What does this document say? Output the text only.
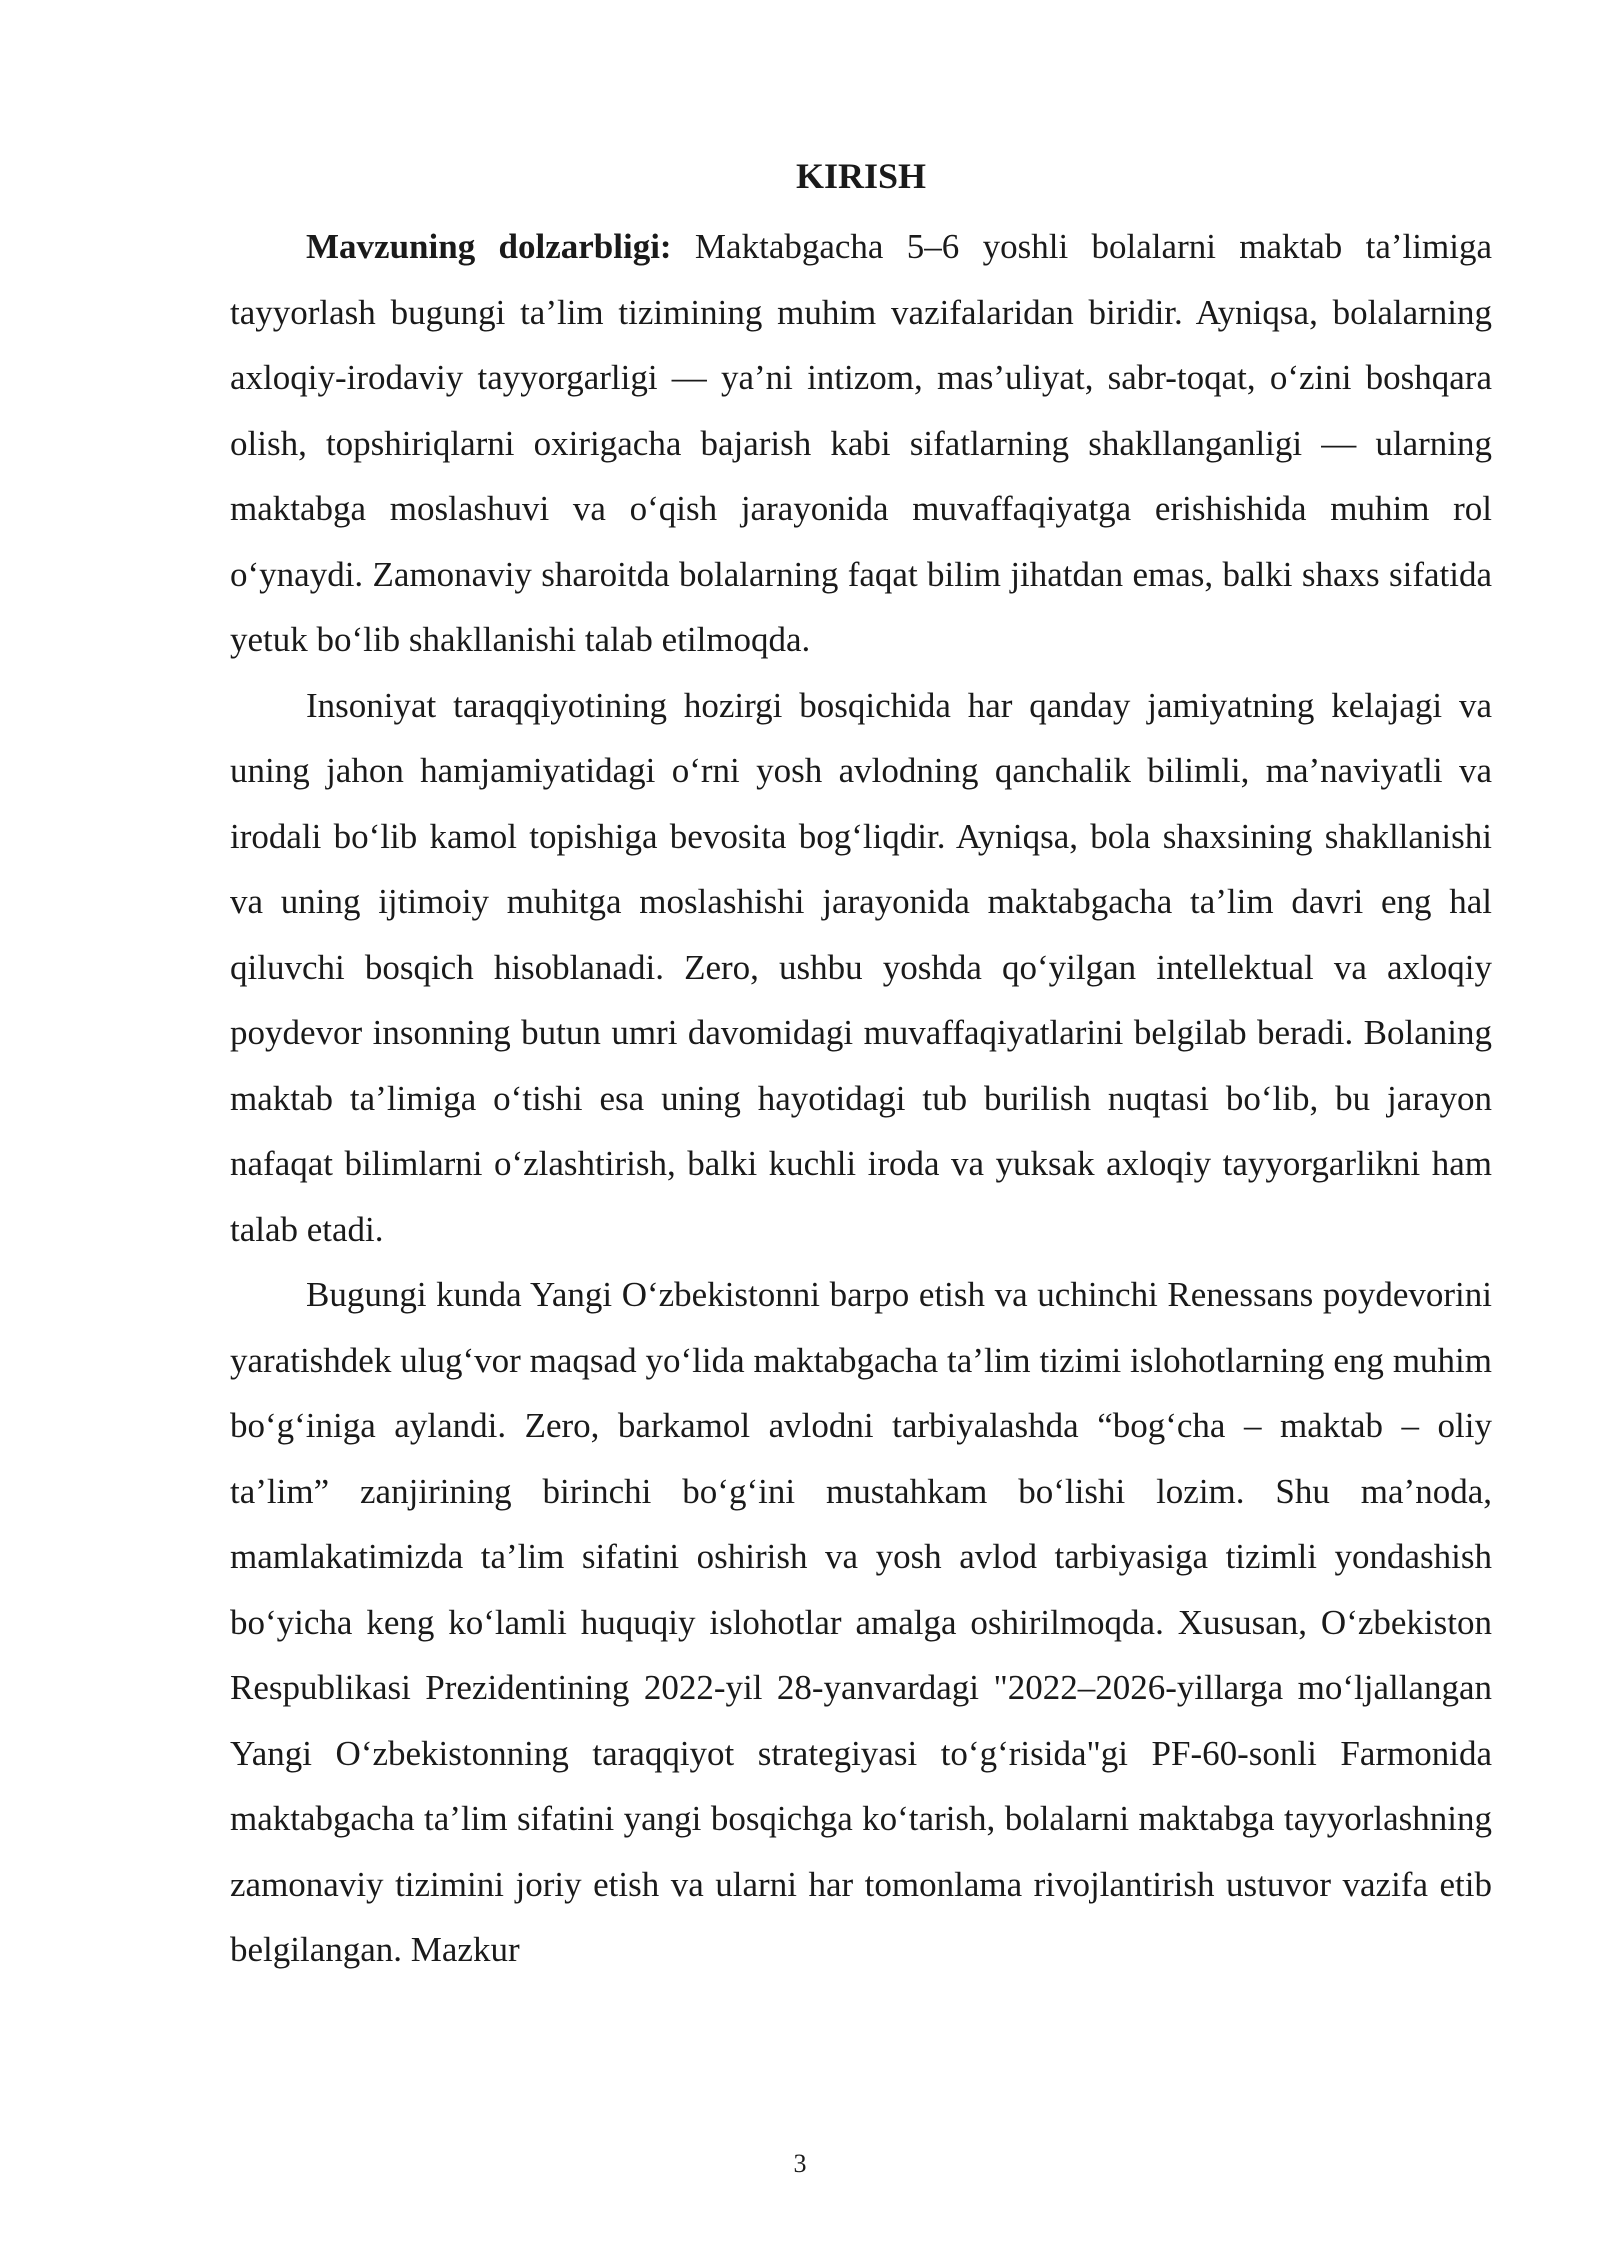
KIRISH

Mavzuning dolzarbligi: Maktabgacha 5–6 yoshli bolalarni maktab ta’limiga tayyorlash bugungi ta’lim tizimining muhim vazifalaridan biridir. Ayniqsa, bolalarning axloqiy-irodaviy tayyorgarligi — ya’ni intizom, mas’uliyat, sabr-toqat, o‘zini boshqara olish, topshiriqlarni oxirigacha bajarish kabi sifatlarning shakllanganligi — ularning maktabga moslashuvi va o‘qish jarayonida muvaffaqiyatga erishishida muhim rol o‘ynaydi. Zamonaviy sharoitda bolalarning faqat bilim jihatdan emas, balki shaxs sifatida yetuk bo‘lib shakllanishi talab etilmoqda.

Insoniyat taraqqiyotining hozirgi bosqichida har qanday jamiyatning kelajagi va uning jahon hamjamiyatidagi o‘rni yosh avlodning qanchalik bilimli, ma’naviyatli va irodali bo‘lib kamol topishiga bevosita bog‘liqdir. Ayniqsa, bola shaxsining shakllanishi va uning ijtimoiy muhitga moslashishi jarayonida maktabgacha ta’lim davri eng hal qiluvchi bosqich hisoblanadi. Zero, ushbu yoshda qo‘yilgan intellektual va axloqiy poydevor insonning butun umri davomidagi muvaffaqiyatlarini belgilab beradi. Bolaning maktab ta’limiga o‘tishi esa uning hayotidagi tub burilish nuqtasi bo‘lib, bu jarayon nafaqat bilimlarni o‘zlashtirish, balki kuchli iroda va yuksak axloqiy tayyorgarlikni ham talab etadi.

Bugungi kunda Yangi O‘zbekistonni barpo etish va uchinchi Renessans poydevorini yaratishdek ulug‘vor maqsad yo‘lida maktabgacha ta’lim tizimi islohotlarning eng muhim bo‘g‘iniga aylandi. Zero, barkamol avlodni tarbiyalashda “bog‘cha – maktab – oliy ta’lim” zanjirining birinchi bo‘g‘ini mustahkam bo‘lishi lozim. Shu ma’noda, mamlakatimizda ta’lim sifatini oshirish va yosh avlod tarbiyasiga tizimli yondashish bo‘yicha keng ko‘lamli huquqiy islohotlar amalga oshirilmoqda. Xususan, O‘zbekiston Respublikasi Prezidentining 2022-yil 28-yanvardagi "2022–2026-yillarga mo‘ljallangan Yangi O‘zbekistonning taraqqiyot strategiyasi to‘g‘risida"gi PF-60-sonli Farmonida maktabgacha ta’lim sifatini yangi bosqichga ko‘tarish, bolalarni maktabga tayyorlashning zamonaviy tizimini joriy etish va ularni har tomonlama rivojlantirish ustuvor vazifa etib belgilangan. Mazkur

3
